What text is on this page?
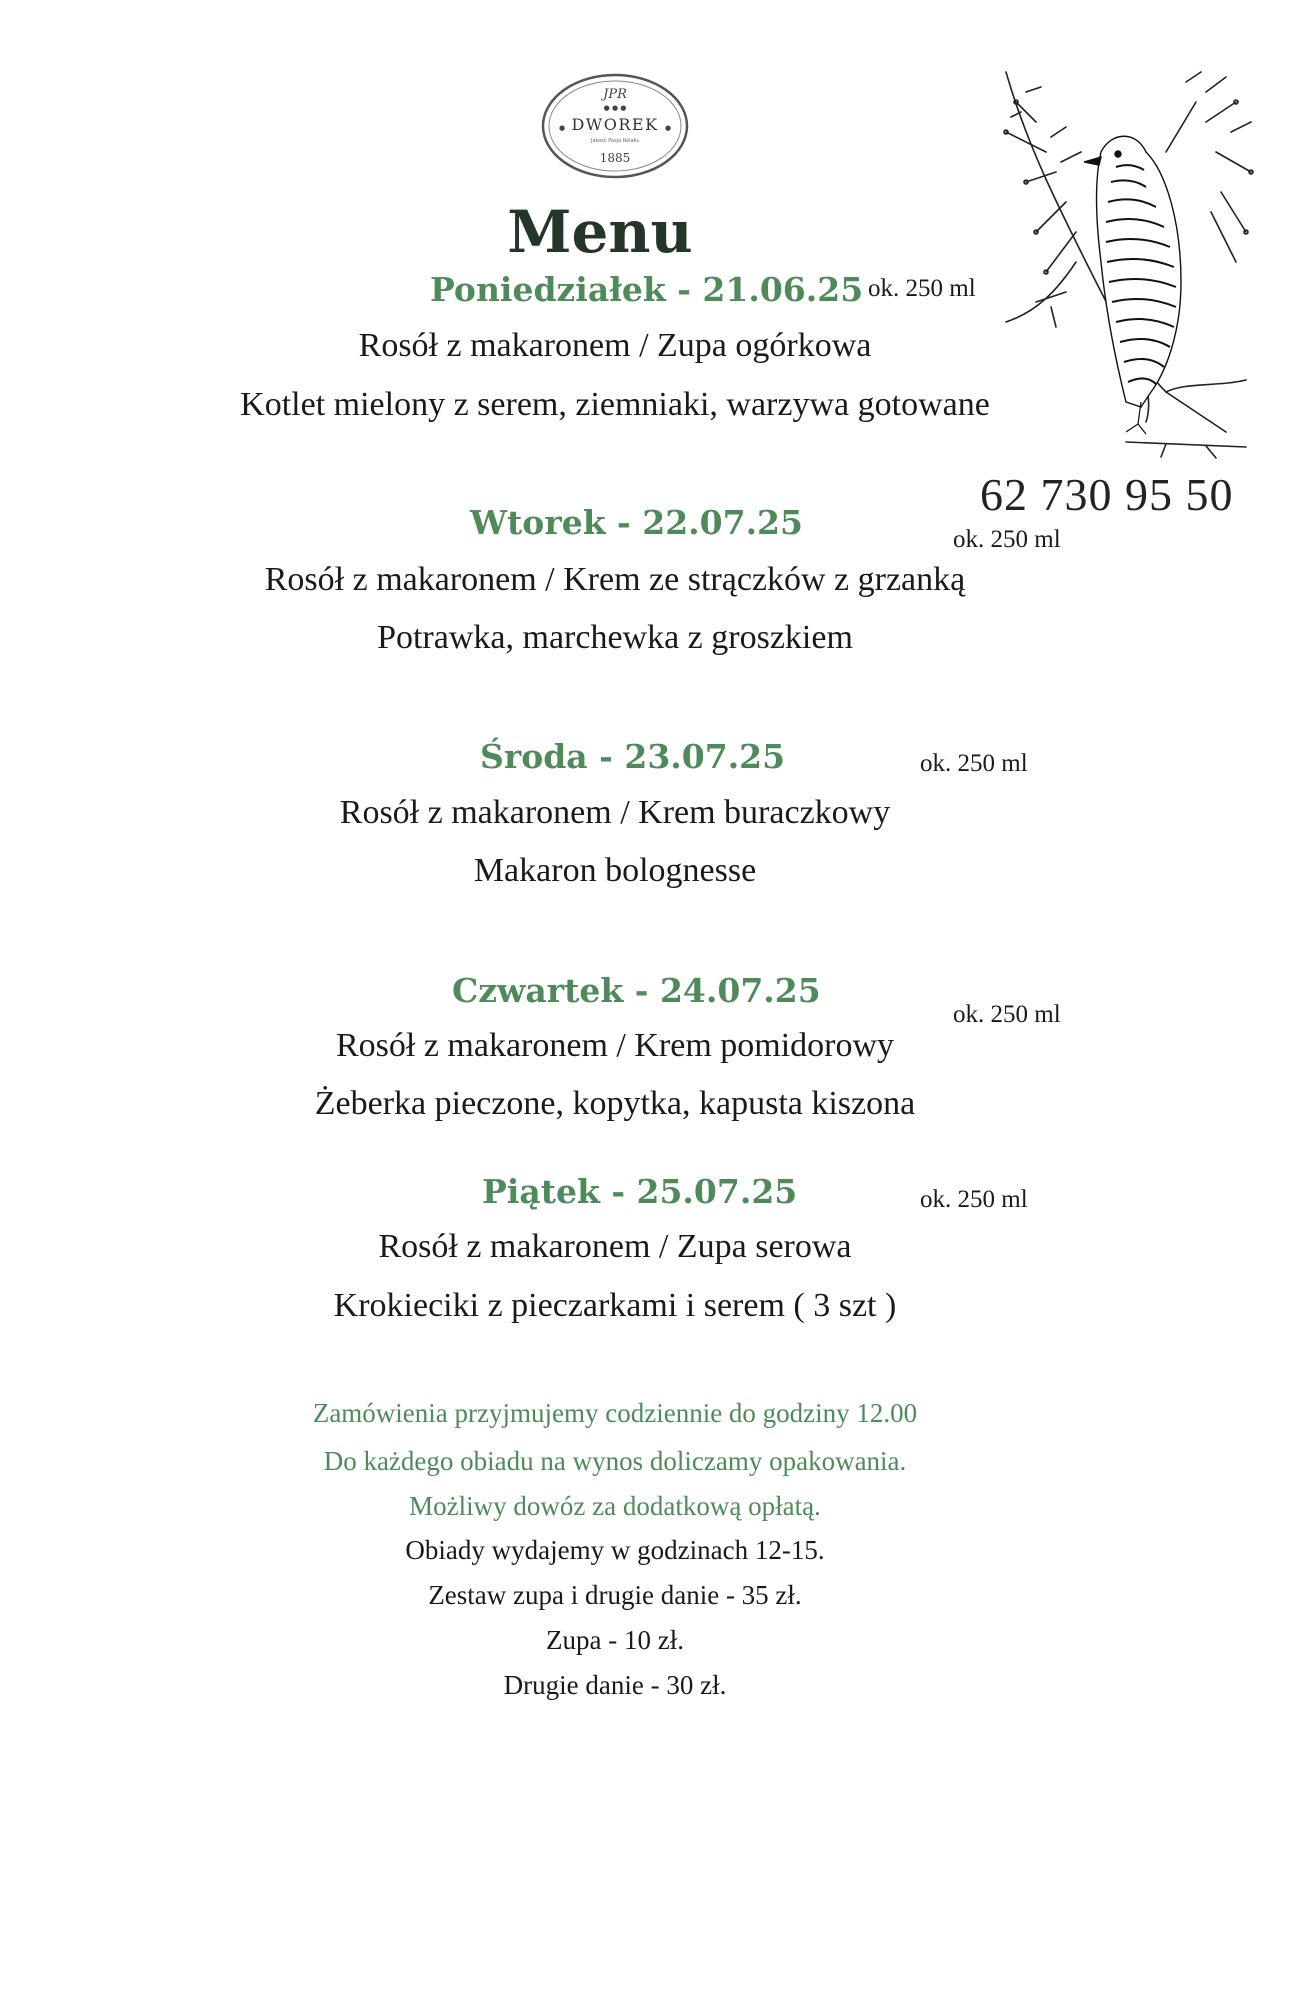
JPR
● ● ●
DWOREK
●	●
Jakość Pasja Relaks
1885
Menu
62 730 95 50
Poniedziałek - 21.06.25 ok. 250 ml
Rosół z makaronem / Zupa ogórkowa
Kotlet mielony z serem, ziemniaki, warzywa gotowane
Wtorek - 22.07.25	ok. 250 ml
Rosół z makaronem / Krem ze strączków z grzanką
Potrawka, marchewka z groszkiem
Środa - 23.07.25	ok. 250 ml
Rosół z makaronem / Krem buraczkowy
Makaron bolognesse
Czwartek - 24.07.25
ok. 250 ml
Rosół z makaronem / Krem pomidorowy
Żeberka pieczone, kopytka, kapusta kiszona
Piątek - 25.07.25	ok. 250 ml
Rosół z makaronem / Zupa serowa
Krokieciki z pieczarkami i serem ( 3 szt )
Zamówienia przyjmujemy codziennie do godziny 12.00
Do każdego obiadu na wynos doliczamy opakowania.
Możliwy dowóz za dodatkową opłatą.
Obiady wydajemy w godzinach 12-15.
Zestaw zupa i drugie danie - 35 zł.
Zupa - 10 zł.
Drugie danie - 30 zł.
